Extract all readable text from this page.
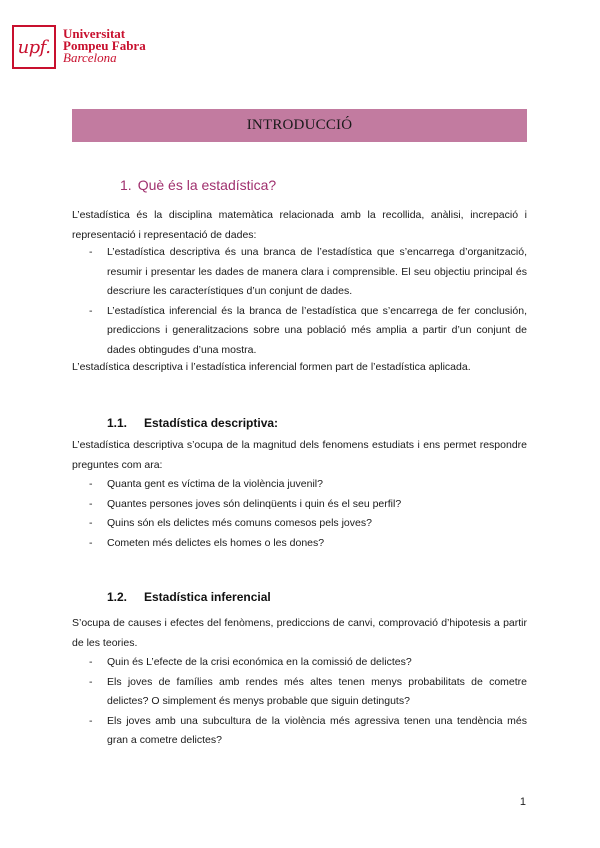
upf.
Universitat
Pompeu Fabra
Barcelona
INTRODUCCIÓ
1. Què és la estadística?

L’estadística és la disciplina matemàtica relacionada amb la recollida, anàlisi, increpació i representació i representació de dades:

- L’estadística descriptiva és una branca de l’estadística que s’encarrega d’organització, resumir i presentar les dades de manera clara i comprensible. El seu objectiu principal és descriure les característiques d’un conjunt de dades.
- L’estadística inferencial és la branca de l’estadística que s’encarrega de fer conclusión, prediccions i generalitzacions sobre una població més amplia a partir d’un conjunt de dades obtingudes d’una mostra.

L’estadística descriptiva i l’estadística inferencial formen part de l’estadística aplicada.

1.1. Estadística descriptiva:

L’estadística descriptiva s’ocupa de la magnitud dels fenomens estudiats i ens permet respondre preguntes com ara:

- Quanta gent es víctima de la violència juvenil?
- Quantes persones joves són delinqüents i quin és el seu perfil?
- Quins són els delictes més comuns comesos pels joves?
- Cometen més delictes els homes o les dones?
1.2. Estadística inferencial

S’ocupa de causes i efectes del fenòmens, prediccions de canvi, comprovació d’hipotesis a partir de les teories.

- Quin és L’efecte de la crisi económica en la comissió de delictes?
- Els joves de famílies amb rendes més altes tenen menys probabilitats de cometre delictes? O simplement és menys probable que siguin detinguts?
- Els joves amb una subcultura de la violència més agressiva tenen una tendència més gran a cometre delictes?
1
